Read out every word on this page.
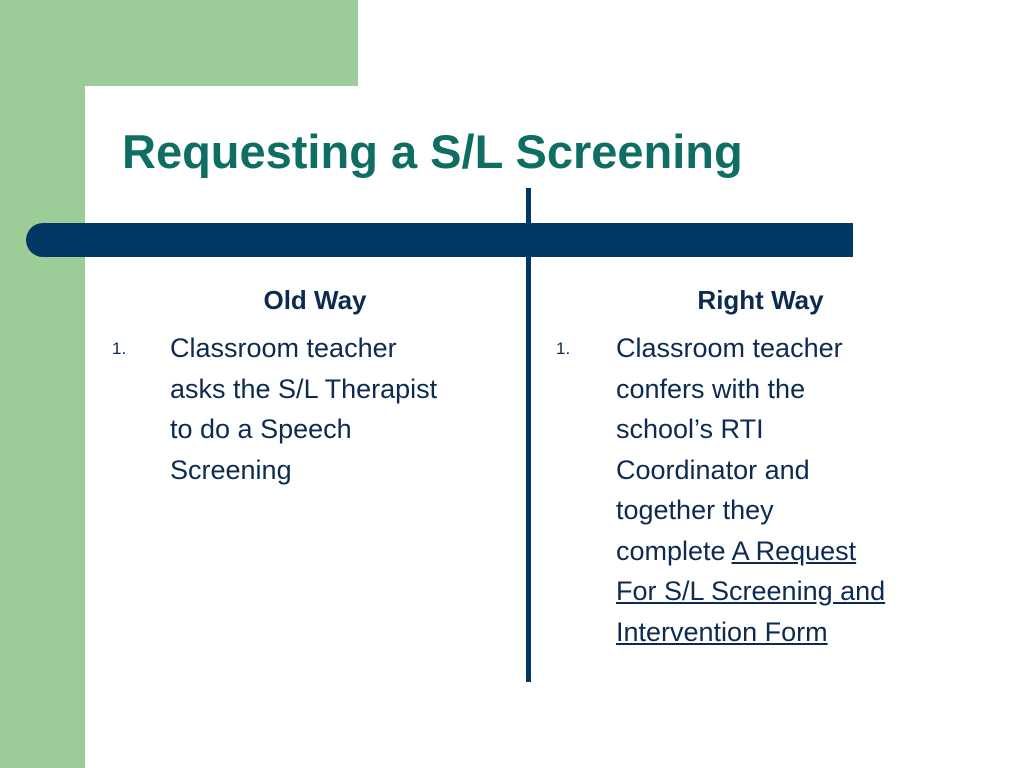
Requesting a S/L Screening
Old Way
1. Classroom teacher
asks the S/L Therapist
to do a Speech
Screening
Right Way
1. Classroom teacher
confers with the
school’s RTI
Coordinator and
together they
complete A Request
For S/L Screening and
Intervention Form
